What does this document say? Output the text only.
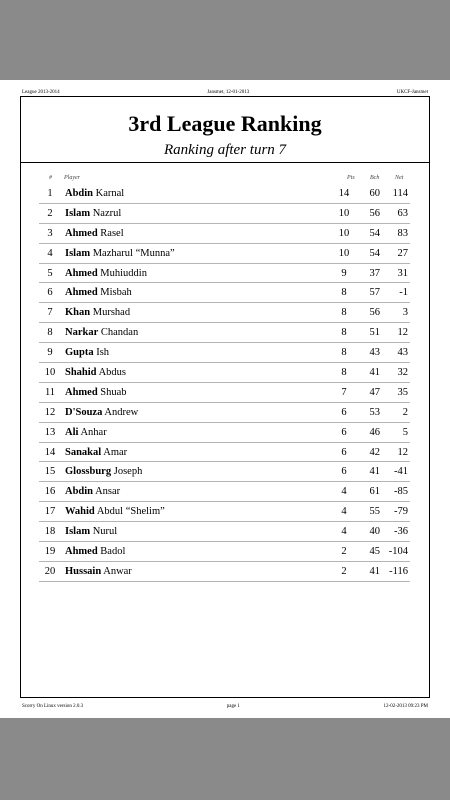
League 2013-2014	Jansmet, 12-01-2013	UKCF-Jansmet
3rd League Ranking
Ranking after turn 7
# Player	Pts	Bch	Net
1	Abdin Karnal	14	60	114
2	Islam Nazrul	10	56	63
3	Ahmed Rasel	10	54	83
4	Islam Mazharul “Munna”	10	54	27
5	Ahmed Muhiuddin	9	37	31
6	Ahmed Misbah	8	57	-1
7	Khan Murshad	8	56	3
8	Narkar Chandan	8	51	12
9	Gupta Ish	8	43	43
10	Shahid Abdus	8	41	32
11	Ahmed Shuab	7	47	35
12	D'Souza Andrew	6	53	2
13	Ali Anhar	6	46	5
14	Sanakal Amar	6	42	12
15	Glossburg Joseph	6	41	-41
16	Abdin Ansar	4	61	-85
17	Wahid Abdul “Shelim”	4	55	-79
18	Islam Nurul	4	40	-36
19	Ahmed Badol	2	45	-104
20	Hussain Anwar	2	41	-116
Scorry On Linux version 2.0.3	page 1	12-02-2013 09:23 PM
